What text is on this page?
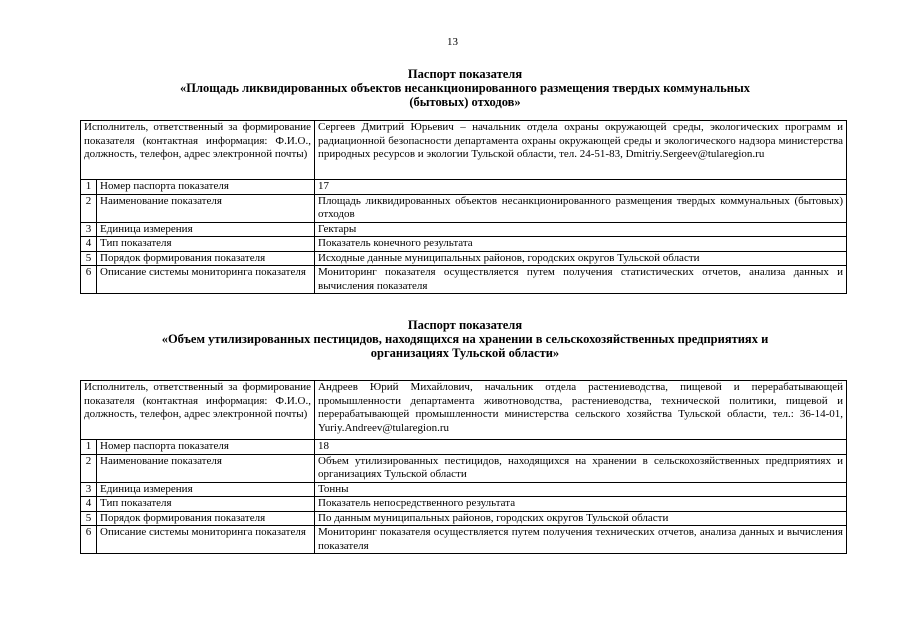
13
Паспорт показателя
«Площадь ликвидированных объектов несанкционированного размещения твердых коммунальных
(бытовых) отходов»
Исполнитель, ответственный за формирование показателя (контактная информация: Ф.И.О., должность, телефон, адрес электронной почты)		Сергеев Дмитрий Юрьевич – начальник отдела охраны окружающей среды, экологических программ и радиационной безопасности департамента охраны окружающей среды и экологического надзора министерства природных ресурсов и экологии Тульской области, тел. 24-51-83, Dmitriy.Sergeev@tularegion.ru
1	Номер паспорта показателя	17
2	Наименование показателя	Площадь ликвидированных объектов несанкционированного размещения твердых коммунальных (бытовых) отходов
3	Единица измерения	Гектары
4	Тип показателя	Показатель конечного результата
5	Порядок формирования показателя	Исходные данные муниципальных районов, городских округов Тульской области
6	Описание системы мониторинга показателя	Мониторинг показателя осуществляется путем получения статистических отчетов, анализа данных и вычисления показателя
Паспорт показателя
«Объем утилизированных пестицидов, находящихся на хранении в сельскохозяйственных предприятиях и
организациях Тульской области»
Исполнитель, ответственный за формирование показателя (контактная информация: Ф.И.О., должность, телефон, адрес электронной почты)		Андреев Юрий Михайлович, начальник отдела растениеводства, пищевой и перерабатывающей промышленности департамента животноводства, растениеводства, технической политики, пищевой и перерабатывающей промышленности министерства сельского хозяйства Тульской области, тел.: 36-14-01, Yuriy.Andreev@tularegion.ru
1	Номер паспорта показателя	18
2	Наименование показателя	Объем утилизированных пестицидов, находящихся на хранении в сельскохозяйственных предприятиях и организациях Тульской области
3	Единица измерения	Тонны
4	Тип показателя	Показатель непосредственного результата
5	Порядок формирования показателя	По данным муниципальных районов, городских округов Тульской области
6	Описание системы мониторинга показателя	Мониторинг показателя осуществляется путем получения технических отчетов, анализа данных и вычисления показателя
